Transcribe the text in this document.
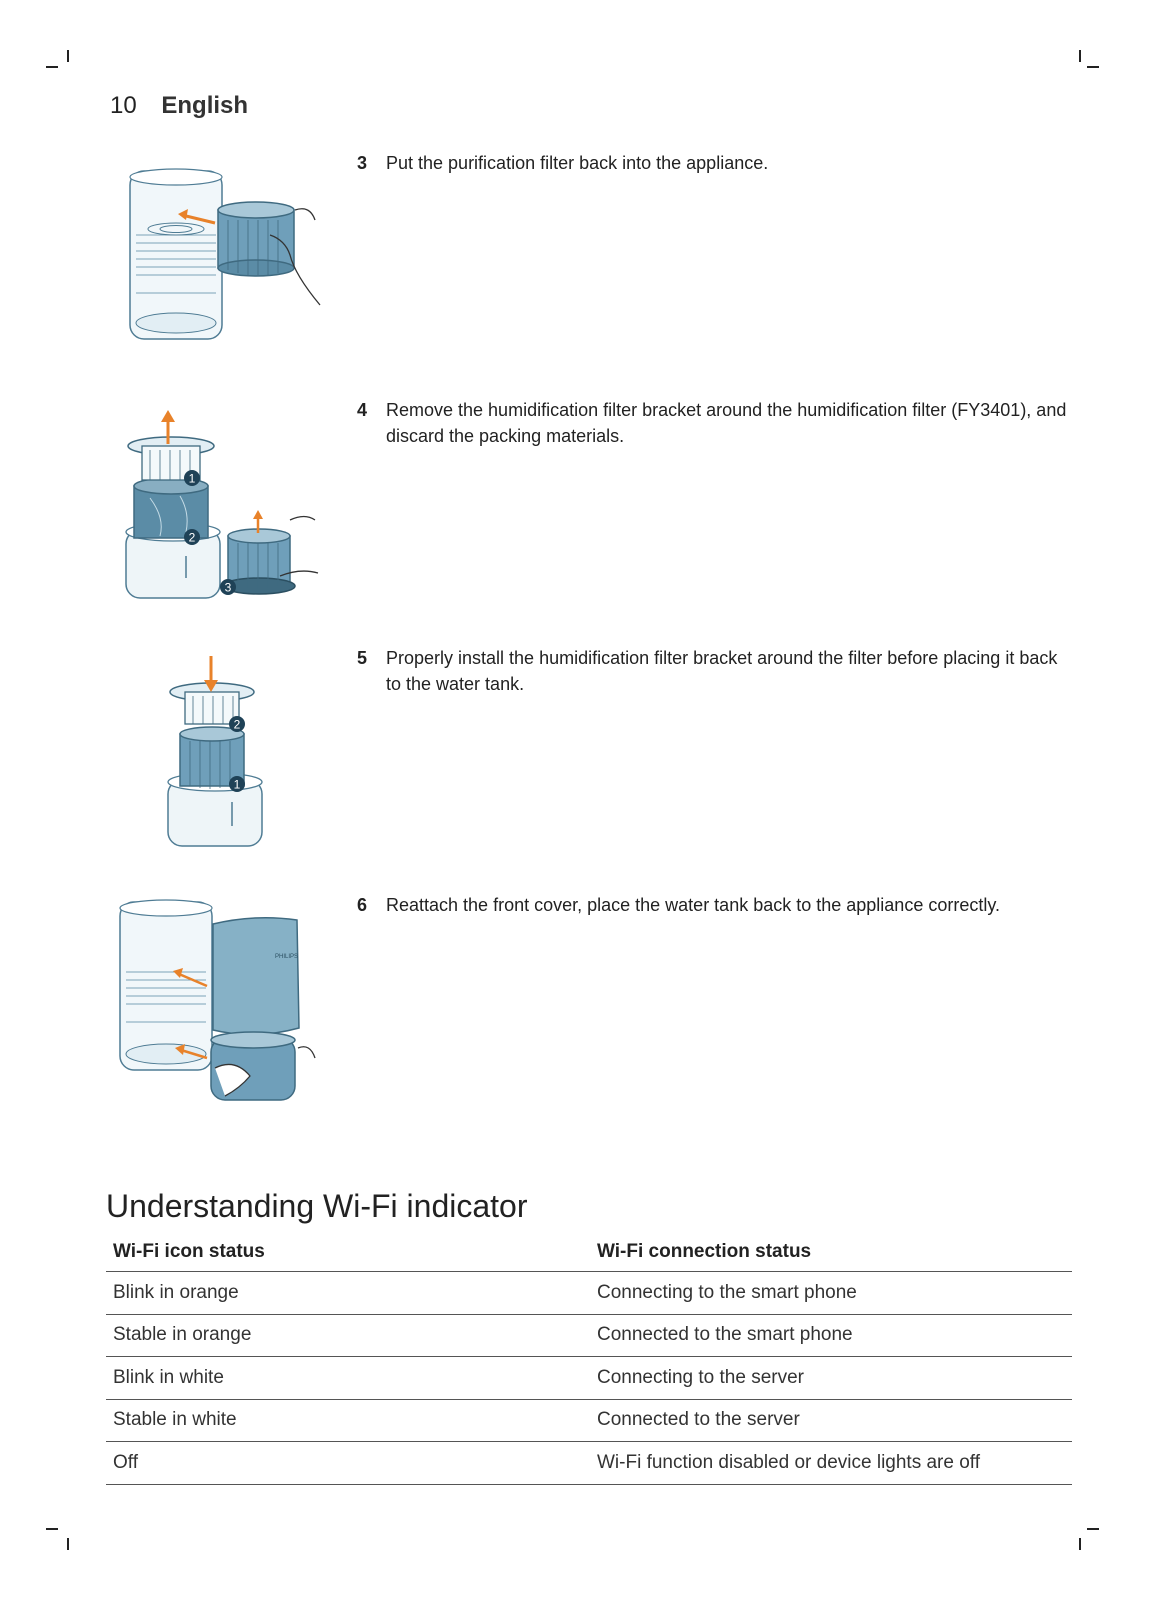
10 English
3 Put the purification filter back into the appliance.
4 Remove the humidification filter bracket around the humidification filter (FY3401), and discard the packing materials.
1
2
3
5 Properly install the humidification filter bracket around the filter before placing it back to the water tank.
2
1
6 Reattach the front cover, place the water tank back to the appliance correctly.
PHILIPS
Understanding Wi-Fi indicator
Wi-Fi icon status	Wi-Fi connection status
Blink in orange	Connecting to the smart phone
Stable in orange	Connected to the smart phone
Blink in white	Connecting to the server
Stable in white	Connected to the server
Off	Wi-Fi function disabled or device lights are off
